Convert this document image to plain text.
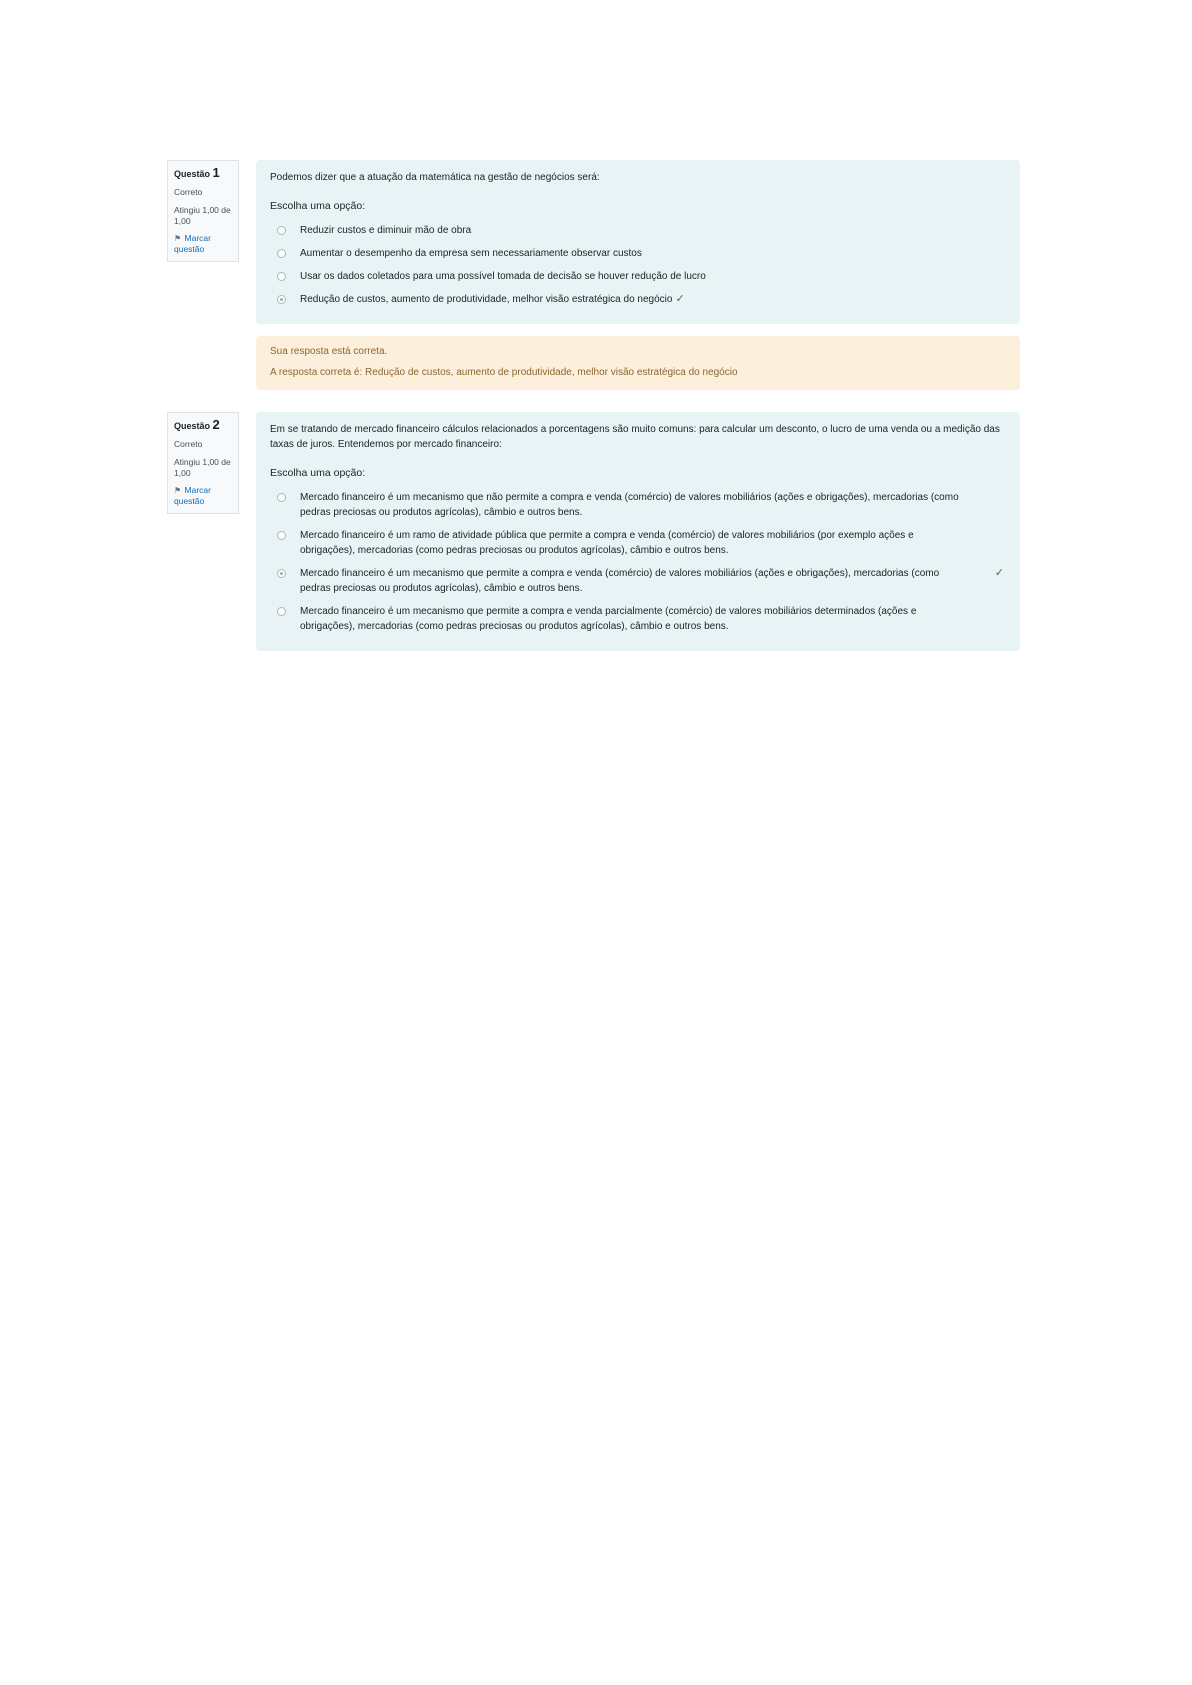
Questão 1
Correto
Atingiu 1,00 de 1,00
⚑ Marcar questão

Podemos dizer que a atuação da matemática na gestão de negócios será:

Escolha uma opção:
Reduzir custos e diminuir mão de obra
Aumentar o desempenho da empresa sem necessariamente observar custos
Usar os dados coletados para uma possível tomada de decisão se houver redução de lucro
Redução de custos, aumento de produtividade, melhor visão estratégica do negócio ✓

Sua resposta está correta.

A resposta correta é: Redução de custos, aumento de produtividade, melhor visão estratégica do negócio

Questão 2
Correto
Atingiu 1,00 de 1,00
⚑ Marcar questão

Em se tratando de mercado financeiro cálculos relacionados a porcentagens são muito comuns: para calcular um desconto, o lucro de uma venda ou a medição das taxas de juros. Entendemos por mercado financeiro:

Escolha uma opção:
Mercado financeiro é um mecanismo que não permite a compra e venda (comércio) de valores mobiliários (ações e obrigações), mercadorias (como pedras preciosas ou produtos agrícolas), câmbio e outros bens.
Mercado financeiro é um ramo de atividade pública que permite a compra e venda (comércio) de valores mobiliários (por exemplo ações e obrigações), mercadorias (como pedras preciosas ou produtos agrícolas), câmbio e outros bens.
Mercado financeiro é um mecanismo que permite a compra e venda (comércio) de valores mobiliários (ações e obrigações), mercadorias (como pedras preciosas ou produtos agrícolas), câmbio e outros bens.
✓
Mercado financeiro é um mecanismo que permite a compra e venda parcialmente (comércio) de valores mobiliários determinados (ações e obrigações), mercadorias (como pedras preciosas ou produtos agrícolas), câmbio e outros bens.
